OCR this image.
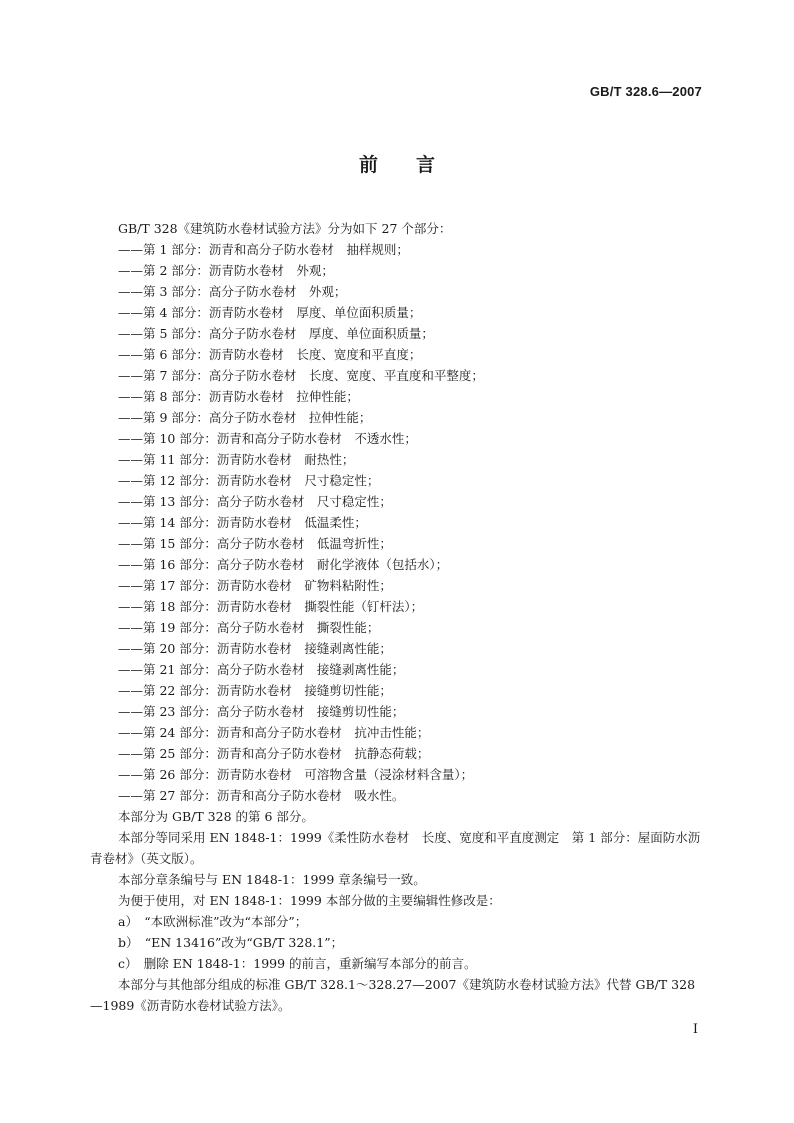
GB/T 328.6—2007
前言
GB/T 328《建筑防水卷材试验方法》分为如下 27 个部分：
——第 1 部分：沥青和高分子防水卷材　抽样规则；
——第 2 部分：沥青防水卷材　外观；
——第 3 部分：高分子防水卷材　外观；
——第 4 部分：沥青防水卷材　厚度、单位面积质量；
——第 5 部分：高分子防水卷材　厚度、单位面积质量；
——第 6 部分：沥青防水卷材　长度、宽度和平直度；
——第 7 部分：高分子防水卷材　长度、宽度、平直度和平整度；
——第 8 部分：沥青防水卷材　拉伸性能；
——第 9 部分：高分子防水卷材　拉伸性能；
——第 10 部分：沥青和高分子防水卷材　不透水性；
——第 11 部分：沥青防水卷材　耐热性；
——第 12 部分：沥青防水卷材　尺寸稳定性；
——第 13 部分：高分子防水卷材　尺寸稳定性；
——第 14 部分：沥青防水卷材　低温柔性；
——第 15 部分：高分子防水卷材　低温弯折性；
——第 16 部分：高分子防水卷材　耐化学液体（包括水）；
——第 17 部分：沥青防水卷材　矿物料粘附性；
——第 18 部分：沥青防水卷材　撕裂性能（钉杆法）；
——第 19 部分：高分子防水卷材　撕裂性能；
——第 20 部分：沥青防水卷材　接缝剥离性能；
——第 21 部分：高分子防水卷材　接缝剥离性能；
——第 22 部分：沥青防水卷材　接缝剪切性能；
——第 23 部分：高分子防水卷材　接缝剪切性能；
——第 24 部分：沥青和高分子防水卷材　抗冲击性能；
——第 25 部分：沥青和高分子防水卷材　抗静态荷载；
——第 26 部分：沥青防水卷材　可溶物含量（浸涂材料含量）；
——第 27 部分：沥青和高分子防水卷材　吸水性。
本部分为 GB/T 328 的第 6 部分。
本部分等同采用 EN 1848-1：1999《柔性防水卷材　长度、宽度和平直度测定　第 1 部分：屋面防水沥青卷材》（英文版）。
本部分章条编号与 EN 1848-1：1999 章条编号一致。
为便于使用，对 EN 1848-1：1999 本部分做的主要编辑性修改是：
a）　“本欧洲标准”改为“本部分”；
b）　“EN 13416”改为“GB/T 328.1”；
c）　删除 EN 1848-1：1999 的前言，重新编写本部分的前言。
本部分与其他部分组成的标准 GB/T 328.1～328.27—2007《建筑防水卷材试验方法》代替 GB/T 328—1989《沥青防水卷材试验方法》。
I
